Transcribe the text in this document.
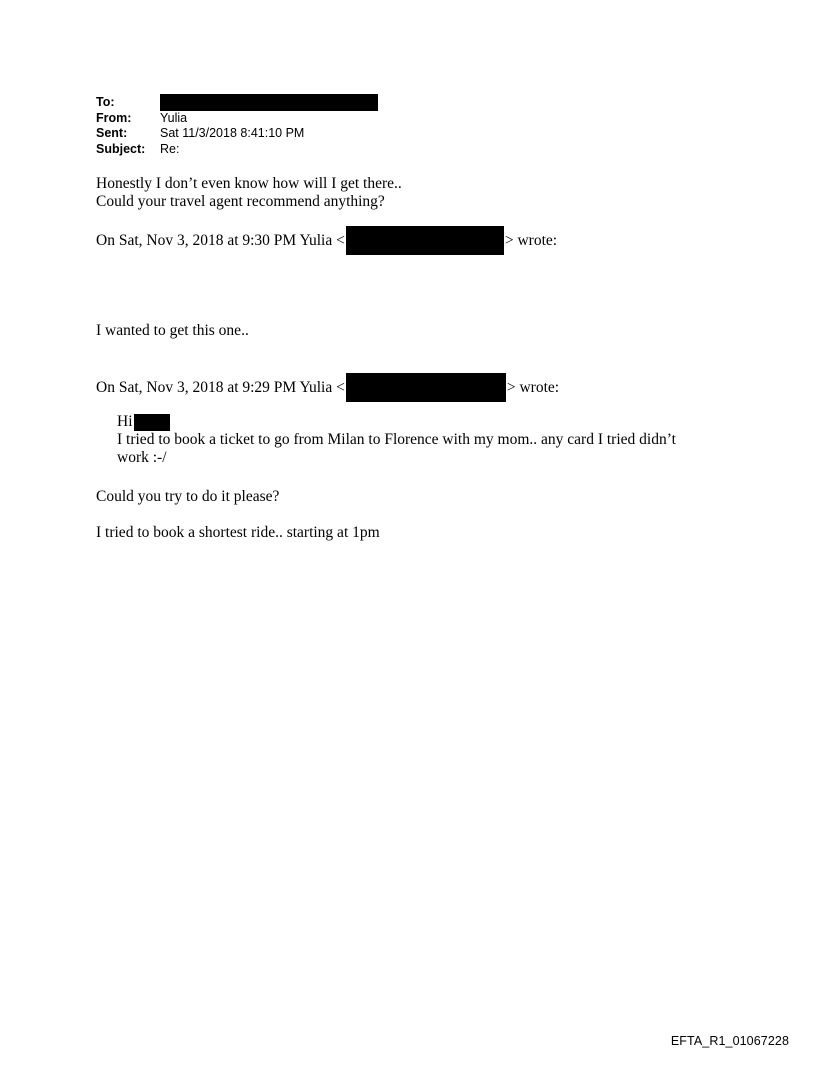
To:
From:	Yulia
Sent:	Sat 11/3/2018 8:41:10 PM
Subject:	Re:
Honestly I don’t even know how will I get there..
Could your travel agent recommend anything?
On Sat, Nov 3, 2018 at 9:30 PM Yulia <	> wrote:
I wanted to get this one..
On Sat, Nov 3, 2018 at 9:29 PM Yulia <	> wrote:
Hi
I tried to book a ticket to go from Milan to Florence with my mom.. any card I tried didn’t
work :-/
Could you try to do it please?
I tried to book a shortest ride.. starting at 1pm
EFTA_R1_01067228
